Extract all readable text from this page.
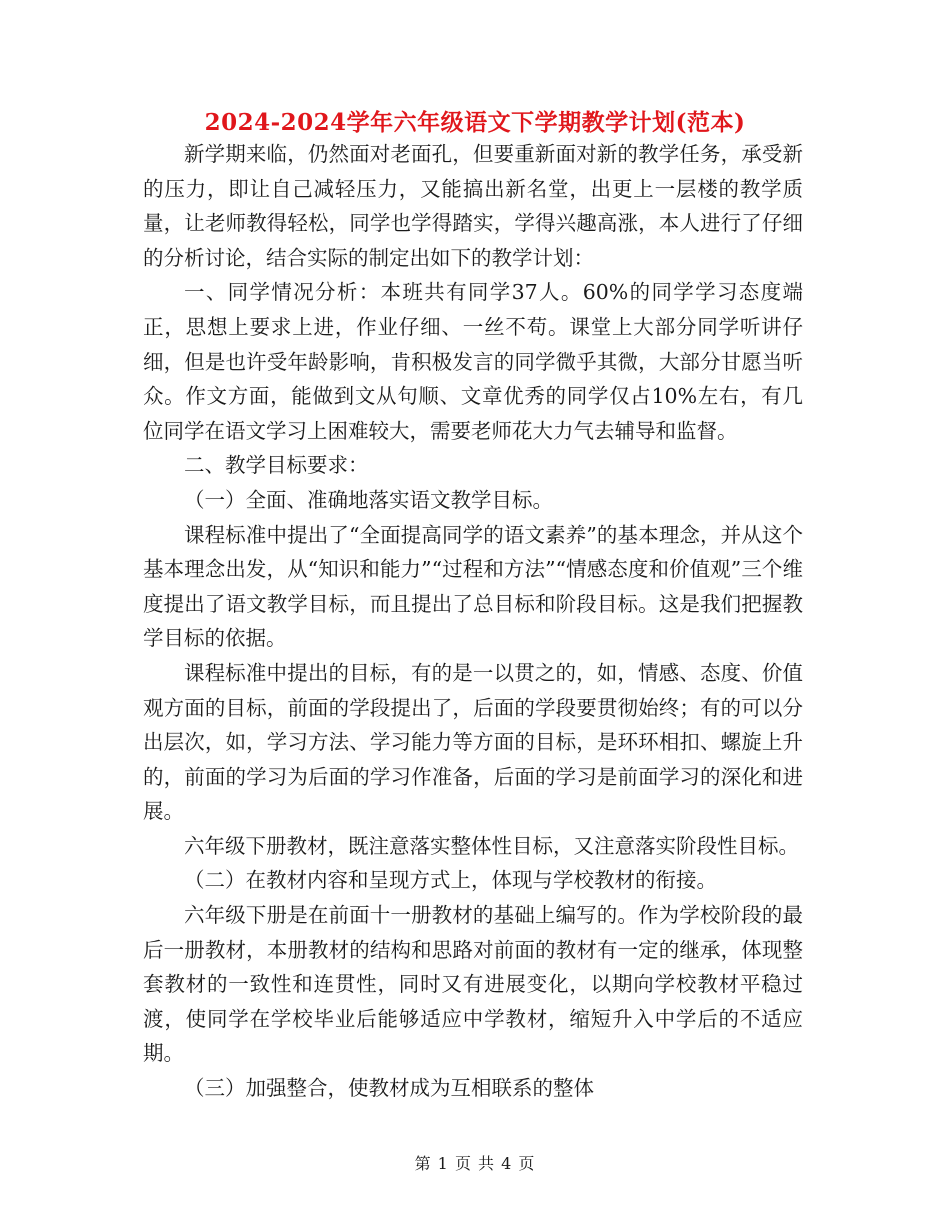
2024-2024学年六年级语文下学期教学计划(范本)

新学期来临，仍然面对老面孔，但要重新面对新的教学任务，承受新的压力，即让自己减轻压力，又能搞出新名堂，出更上一层楼的教学质量，让老师教得轻松，同学也学得踏实，学得兴趣高涨，本人进行了仔细的分析讨论，结合实际的制定出如下的教学计划：

一、同学情况分析：本班共有同学37人。60%的同学学习态度端正，思想上要求上进，作业仔细、一丝不苟。课堂上大部分同学听讲仔细，但是也许受年龄影响，肯积极发言的同学微乎其微，大部分甘愿当听众。作文方面，能做到文从句顺、文章优秀的同学仅占10%左右，有几位同学在语文学习上困难较大，需要老师花大力气去辅导和监督。

二、教学目标要求：

（一）全面、准确地落实语文教学目标。

课程标准中提出了“全面提高同学的语文素养”的基本理念，并从这个基本理念出发，从“知识和能力”“过程和方法”“情感态度和价值观”三个维度提出了语文教学目标，而且提出了总目标和阶段目标。这是我们把握教学目标的依据。

课程标准中提出的目标，有的是一以贯之的，如，情感、态度、价值观方面的目标，前面的学段提出了，后面的学段要贯彻始终；有的可以分出层次，如，学习方法、学习能力等方面的目标，是环环相扣、螺旋上升的，前面的学习为后面的学习作准备，后面的学习是前面学习的深化和进展。

六年级下册教材，既注意落实整体性目标，又注意落实阶段性目标。

（二）在教材内容和呈现方式上，体现与学校教材的衔接。

六年级下册是在前面十一册教材的基础上编写的。作为学校阶段的最后一册教材，本册教材的结构和思路对前面的教材有一定的继承，体现整套教材的一致性和连贯性，同时又有进展变化，以期向学校教材平稳过渡，使同学在学校毕业后能够适应中学教材，缩短升入中学后的不适应期。

（三）加强整合，使教材成为互相联系的整体

第 1 页 共 4 页
